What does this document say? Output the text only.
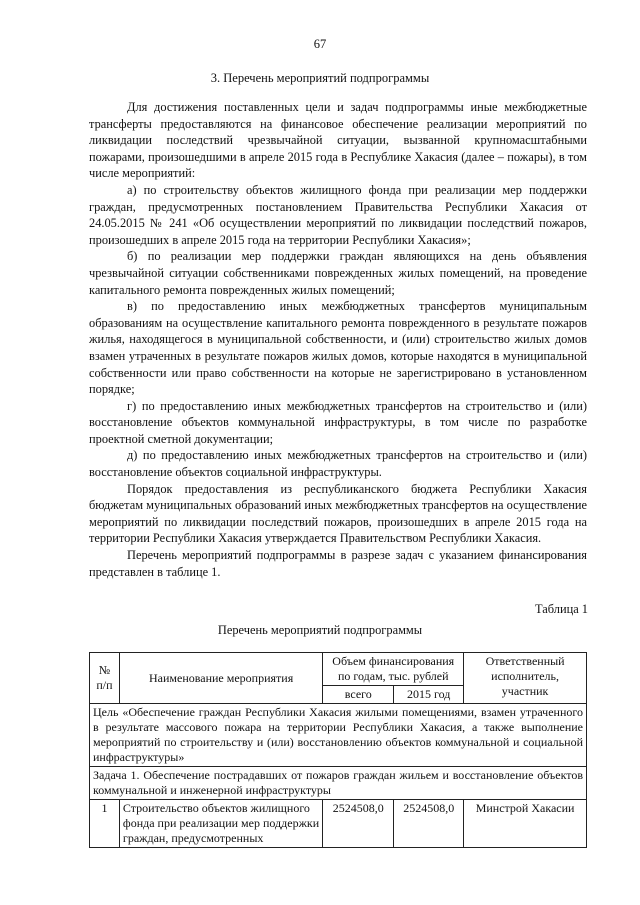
67
3. Перечень мероприятий подпрограммы

Для достижения поставленных цели и задач подпрограммы иные межбюджетные трансферты предоставляются на финансовое обеспечение реализации мероприятий по ликвидации последствий чрезвычайной ситуации, вызванной крупномасштабными пожарами, произошедшими в апреле 2015 года в Республике Хакасия (далее – пожары), в том числе мероприятий:

а) по строительству объектов жилищного фонда при реализации мер поддержки граждан, предусмотренных постановлением Правительства Республики Хакасия от 24.05.2015 № 241 «Об осуществлении мероприятий по ликвидации последствий пожаров, произошедших в апреле 2015 года на территории Республики Хакасия»;

б) по реализации мер поддержки граждан являющихся на день объявления чрезвычайной ситуации собственниками поврежденных жилых помещений, на проведение капитального ремонта поврежденных жилых помещений;

в) по предоставлению иных межбюджетных трансфертов муниципальным образованиям на осуществление капитального ремонта поврежденного в результате пожаров жилья, находящегося в муниципальной собственности, и (или) строительство жилых домов взамен утраченных в результате пожаров жилых домов, которые находятся в муниципальной собственности или право собственности на которые не зарегистрировано в установленном порядке;

г) по предоставлению иных межбюджетных трансфертов на строительство и (или) восстановление объектов коммунальной инфраструктуры, в том числе по разработке проектной сметной документации;

д) по предоставлению иных межбюджетных трансфертов на строительство и (или) восстановление объектов социальной инфраструктуры.

Порядок предоставления из республиканского бюджета Республики Хакасия бюджетам муниципальных образований иных межбюджетных трансфертов на осуществление мероприятий по ликвидации последствий пожаров, произошедших в апреле 2015 года на территории Республики Хакасия утверждается Правительством Республики Хакасия.

Перечень мероприятий подпрограммы в разрезе задач с указанием финансирования представлен в таблице 1.

Таблица 1
Перечень мероприятий подпрограммы
№ п/п	Наименование мероприятия	Объем финансирования по годам, тыс. рублей		Ответственный исполнитель, участник
		всего	2015 год	
Цель «Обеспечение граждан Республики Хакасия жилыми помещениями, взамен утраченного в результате массового пожара на территории Республики Хакасия, а также выполнение мероприятий по строительству и (или) восстановлению объектов коммунальной и социальной инфраструктуры»				
Задача 1. Обеспечение пострадавших от пожаров граждан жильем и восстановление объектов коммунальной и инженерной инфраструктуры				
1	Строительство объектов жилищного фонда при реализации мер поддержки граждан, предусмотренных	2524508,0	2524508,0	Минстрой Хакасии
